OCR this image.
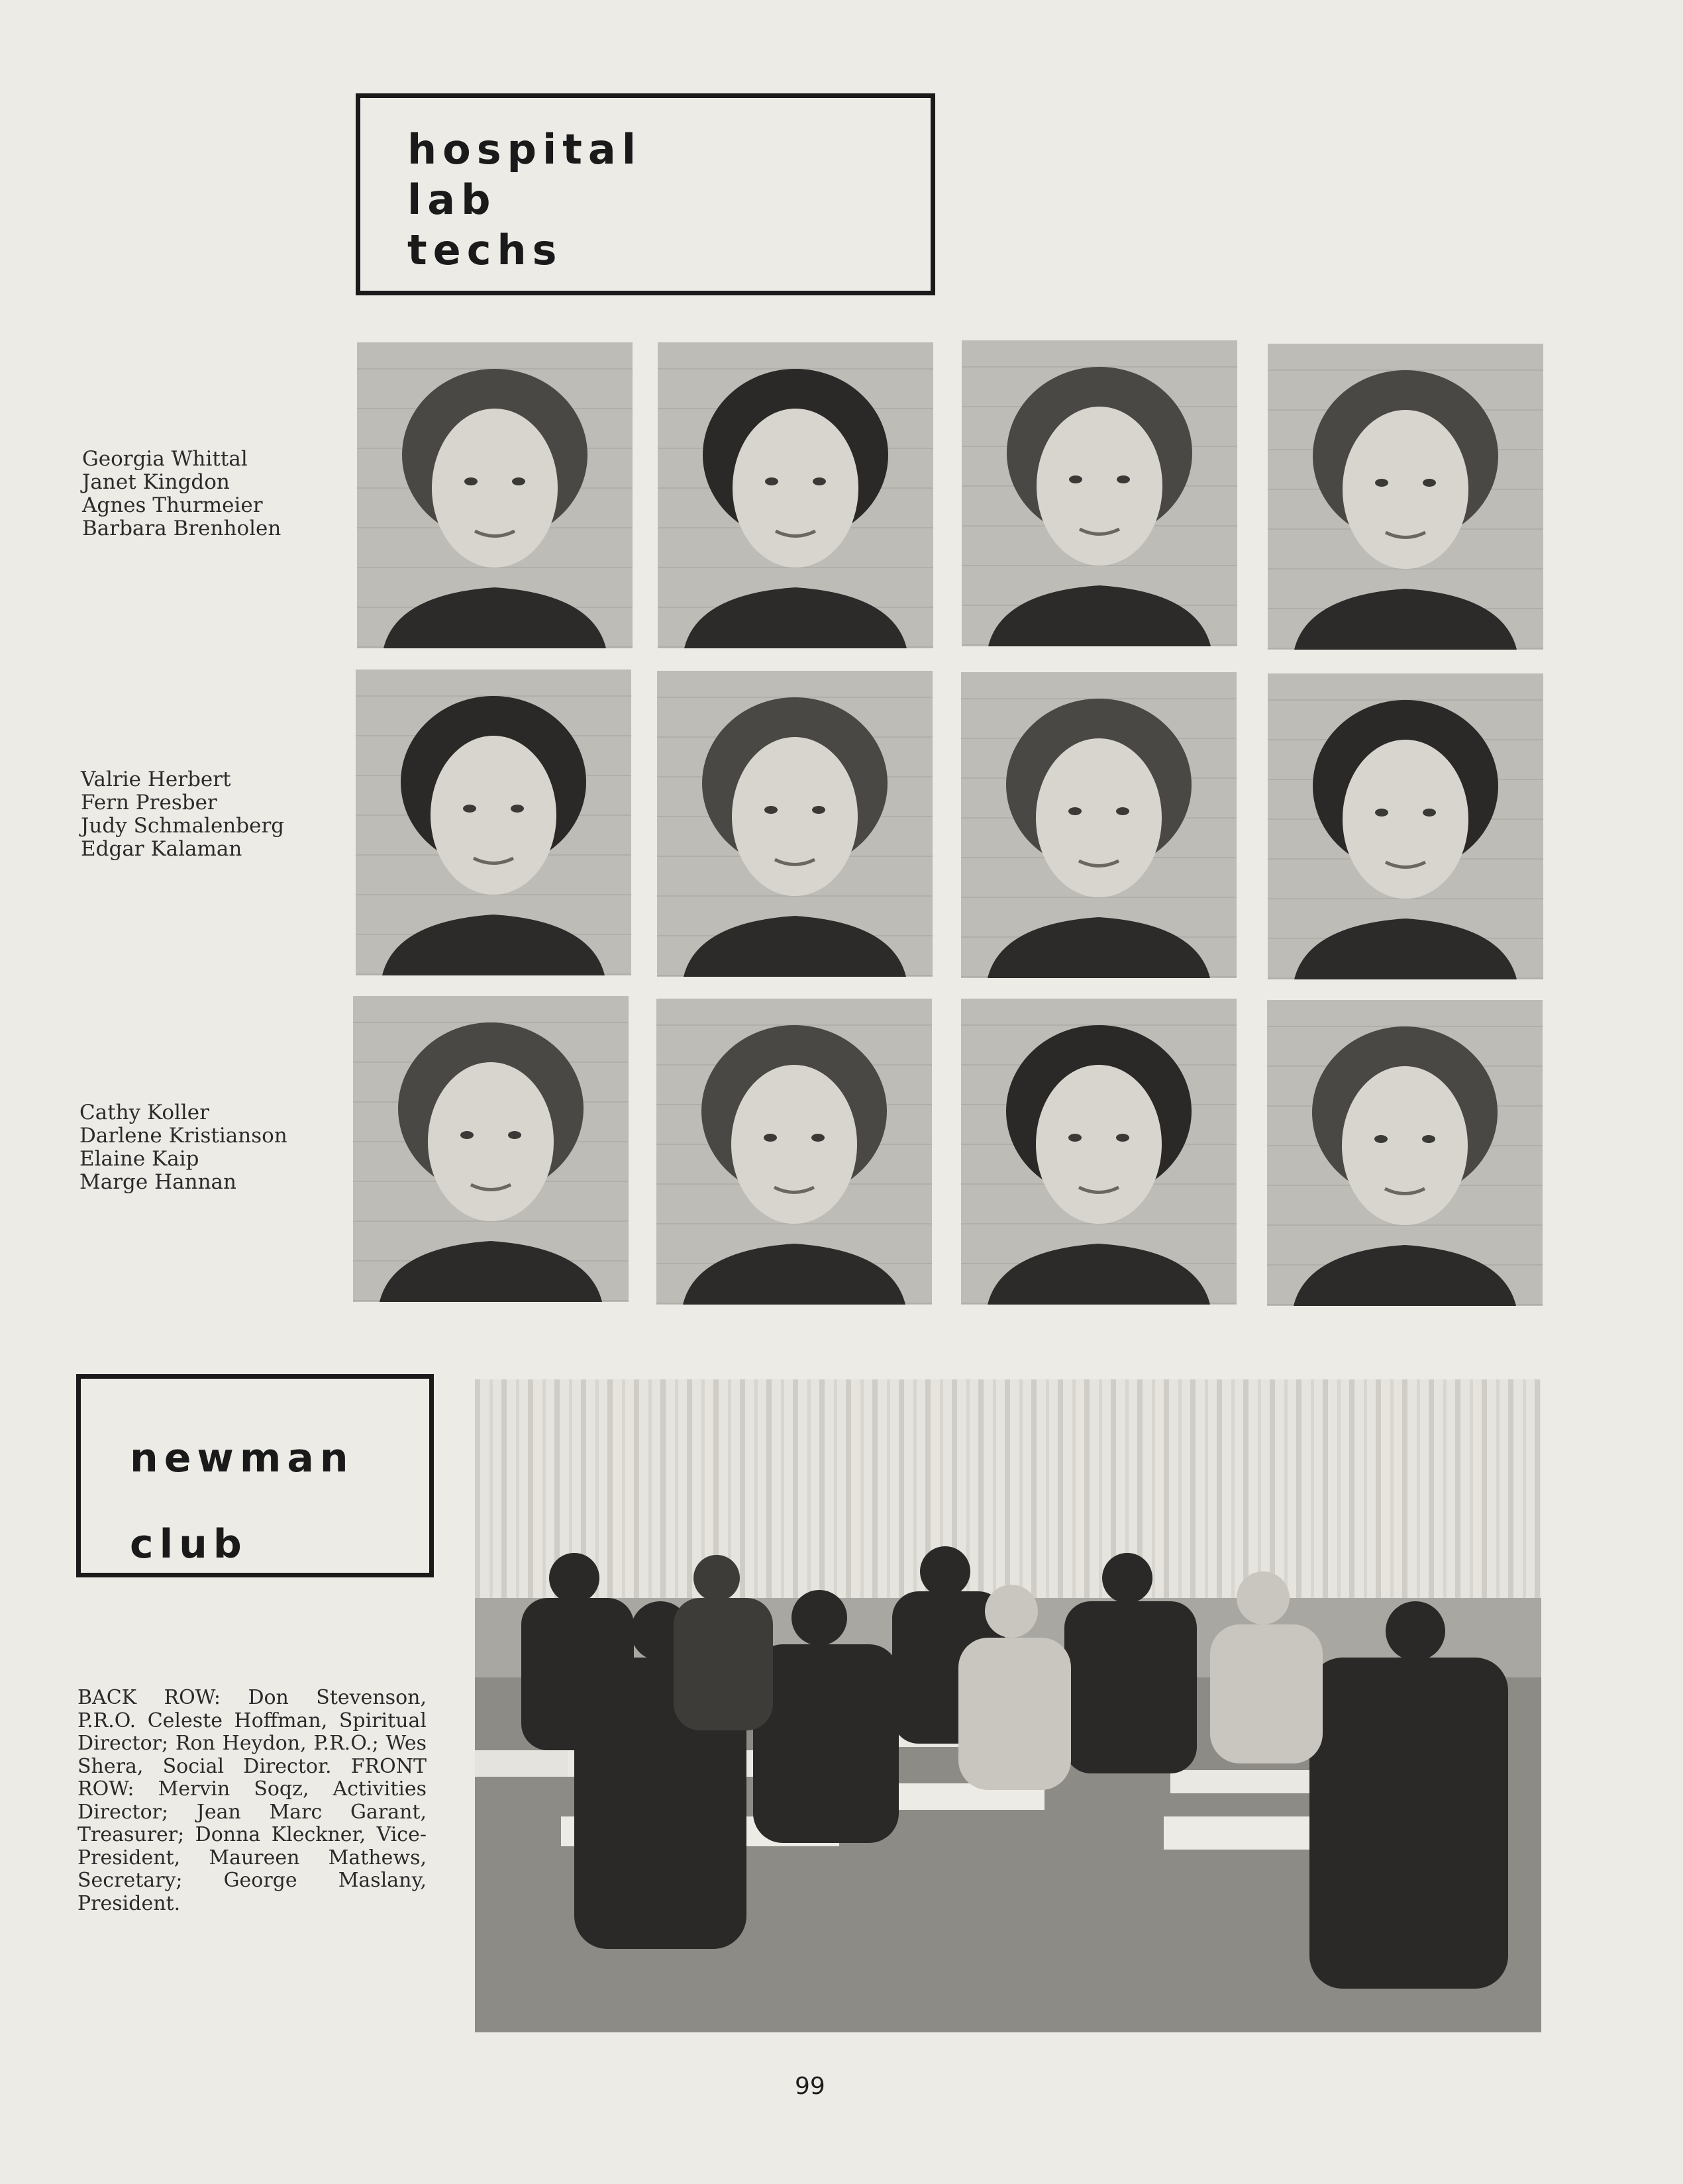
hospital
lab
techs
Georgia Whittal
Janet Kingdon
Agnes Thurmeier
Barbara Brenholen
Valrie Herbert
Fern Presber
Judy Schmalenberg
Edgar Kalaman
Cathy Koller
Darlene Kristianson
Elaine Kaip
Marge Hannan
newman
club
BACK ROW: Don Stevenson, P.R.O. Celeste Hoffman, Spiritual Director; Ron Heydon, P.R.O.; Wes Shera, Social Director. FRONT ROW: Mervin Soqz, Activities Director; Jean Marc Garant, Treasurer; Donna Kleckner, Vice-President, Maureen Mathews, Secretary; George Maslany, President.
99
